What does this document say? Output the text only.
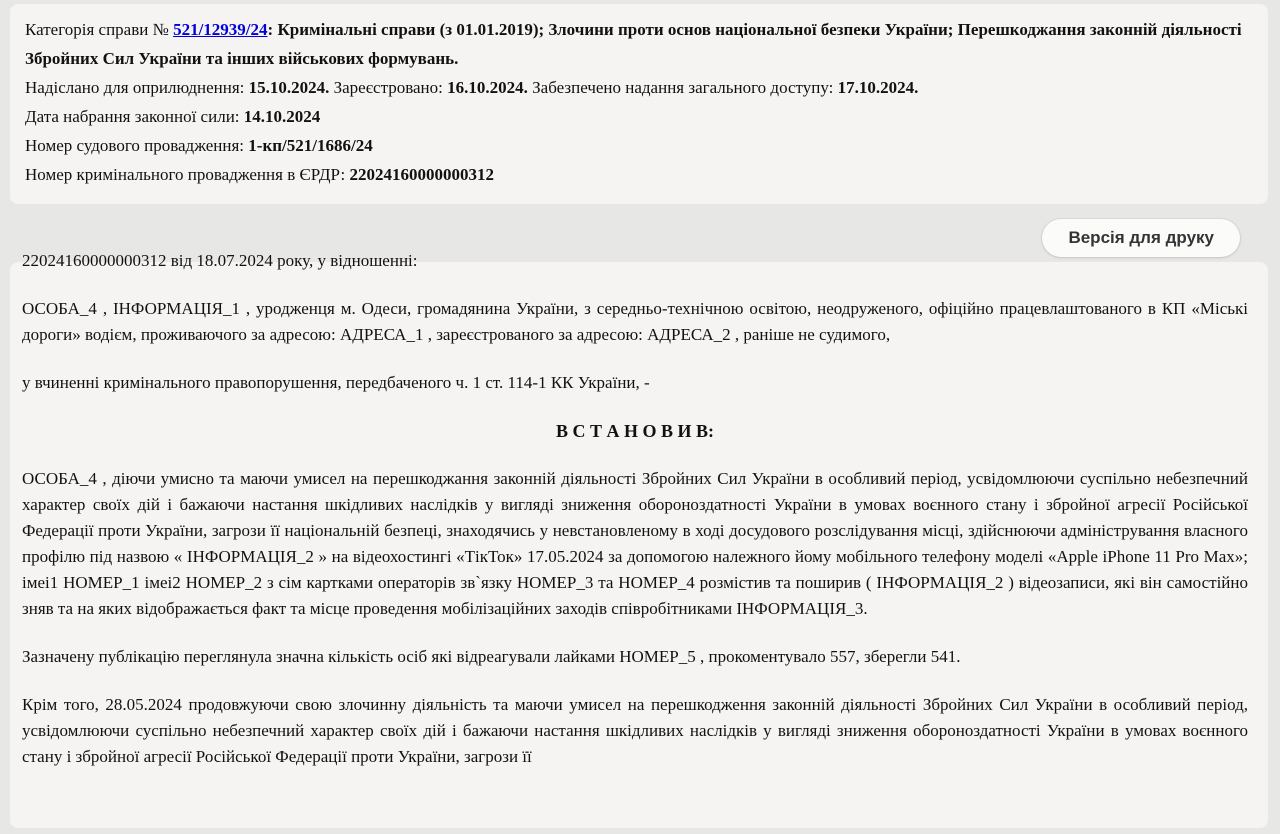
Категорія справи № 521/12939/24: Кримінальні справи (з 01.01.2019); Злочини проти основ національної безпеки України; Перешкоджання законній діяльності Збройних Сил України та інших військових формувань.
Надіслано для оприлюднення: 15.10.2024. Зареєстровано: 16.10.2024. Забезпечено надання загального доступу: 17.10.2024.
Дата набрання законної сили: 14.10.2024
Номер судового провадження: 1-кп/521/1686/24
Номер кримінального провадження в ЄРДР: 22024160000000312
Версія для друку

22024160000000312 від 18.07.2024 року, у відношенні:

ОСОБА_4 , ІНФОРМАЦІЯ_1 , уродженця м. Одеси, громадянина України, з середньо-технічною освітою, неодруженого, офіційно працевлаштованого в КП «Міські дороги» водієм, проживаючого за адресою: АДРЕСА_1 , зареєстрованого за адресою: АДРЕСА_2 , раніше не судимого,

у вчиненні кримінального правопорушення, передбаченого ч. 1 ст. 114-1 КК України, -

В С Т А Н О В И В:

ОСОБА_4 , діючи умисно та маючи умисел на перешкоджання законній діяльності Збройних Сил України в особливий період, усвідомлюючи суспільно небезпечний характер своїх дій і бажаючи настання шкідливих наслідків у вигляді зниження обороноздатності України в умовах воєнного стану і збройної агресії Російської Федерації проти України, загрози її національній безпеці, знаходячись у невстановленому в ході досудового розслідування місці, здійснюючи адміністрування власного профілю під назвою « ІНФОРМАЦІЯ_2 » на відеохостингі «ТікТок» 17.05.2024 за допомогою належного йому мобільного телефону моделі «Apple iPhone 11 Pro Max»; імеі1 НОМЕР_1 імеі2 НОМЕР_2 з сім картками операторів зв`язку НОМЕР_3 та НОМЕР_4 розмістив та поширив ( ІНФОРМАЦІЯ_2 ) відеозаписи, які він самостійно зняв та на яких відображається факт та місце проведення мобілізаційних заходів співробітниками ІНФОРМАЦІЯ_3.

Зазначену публікацію переглянула значна кількість осіб які відреагували лайками НОМЕР_5 , прокоментувало 557, зберегли 541.

Крім того, 28.05.2024 продовжуючи свою злочинну діяльність та маючи умисел на перешкодження законній діяльності Збройних Сил України в особливий період, усвідомлюючи суспільно небезпечний характер своїх дій і бажаючи настання шкідливих наслідків у вигляді зниження обороноздатності України в умовах воєнного стану і збройної агресії Російської Федерації проти України, загрози її
